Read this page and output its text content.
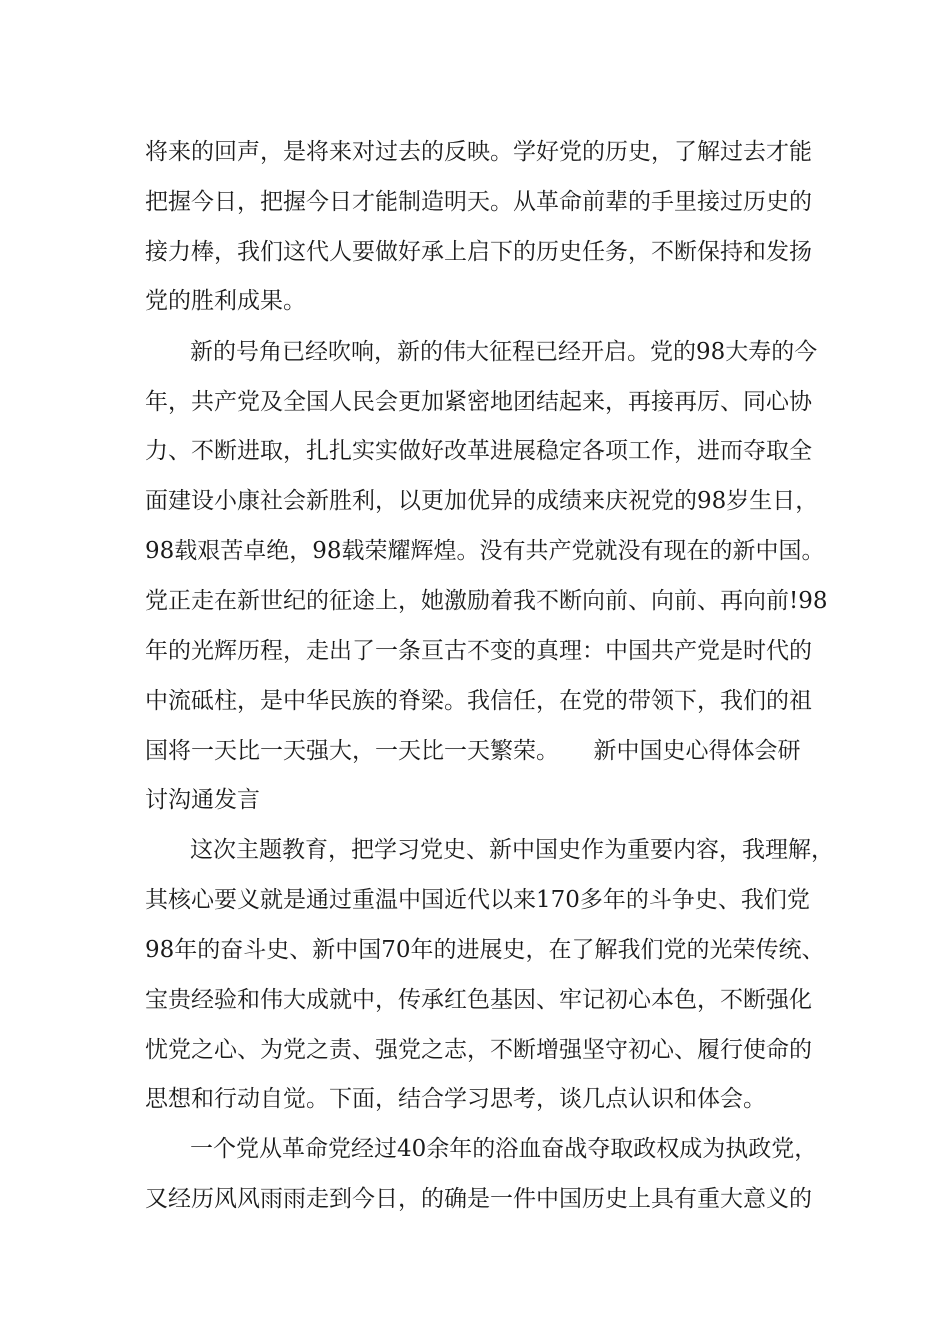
将来的回声，是将来对过去的反映。学好党的历史，了解过去才能

把握今日，把握今日才能制造明天。从革命前辈的手里接过历史的

接力棒，我们这代人要做好承上启下的历史任务，不断保持和发扬

党的胜利成果。

新的号角已经吹响，新的伟大征程已经开启。党的98大寿的今

年，共产党及全国人民会更加紧密地团结起来，再接再厉、同心协

力、不断进取，扎扎实实做好改革进展稳定各项工作，进而夺取全

面建设小康社会新胜利，以更加优异的成绩来庆祝党的98岁生日，

98载艰苦卓绝，98载荣耀辉煌。没有共产党就没有现在的新中国。

党正走在新世纪的征途上，她激励着我不断向前、向前、再向前!98

年的光辉历程，走出了一条亘古不变的真理：中国共产党是时代的

中流砥柱，是中华民族的脊梁。我信任，在党的带领下，我们的祖

国将一天比一天强大，一天比一天繁荣。　　新中国史心得体会研

讨沟通发言

这次主题教育，把学习党史、新中国史作为重要内容，我理解，

其核心要义就是通过重温中国近代以来170多年的斗争史、我们党

98年的奋斗史、新中国70年的进展史，在了解我们党的光荣传统、

宝贵经验和伟大成就中，传承红色基因、牢记初心本色，不断强化

忧党之心、为党之责、强党之志，不断增强坚守初心、履行使命的

思想和行动自觉。下面，结合学习思考，谈几点认识和体会。

一个党从革命党经过40余年的浴血奋战夺取政权成为执政党，

又经历风风雨雨走到今日，的确是一件中国历史上具有重大意义的
